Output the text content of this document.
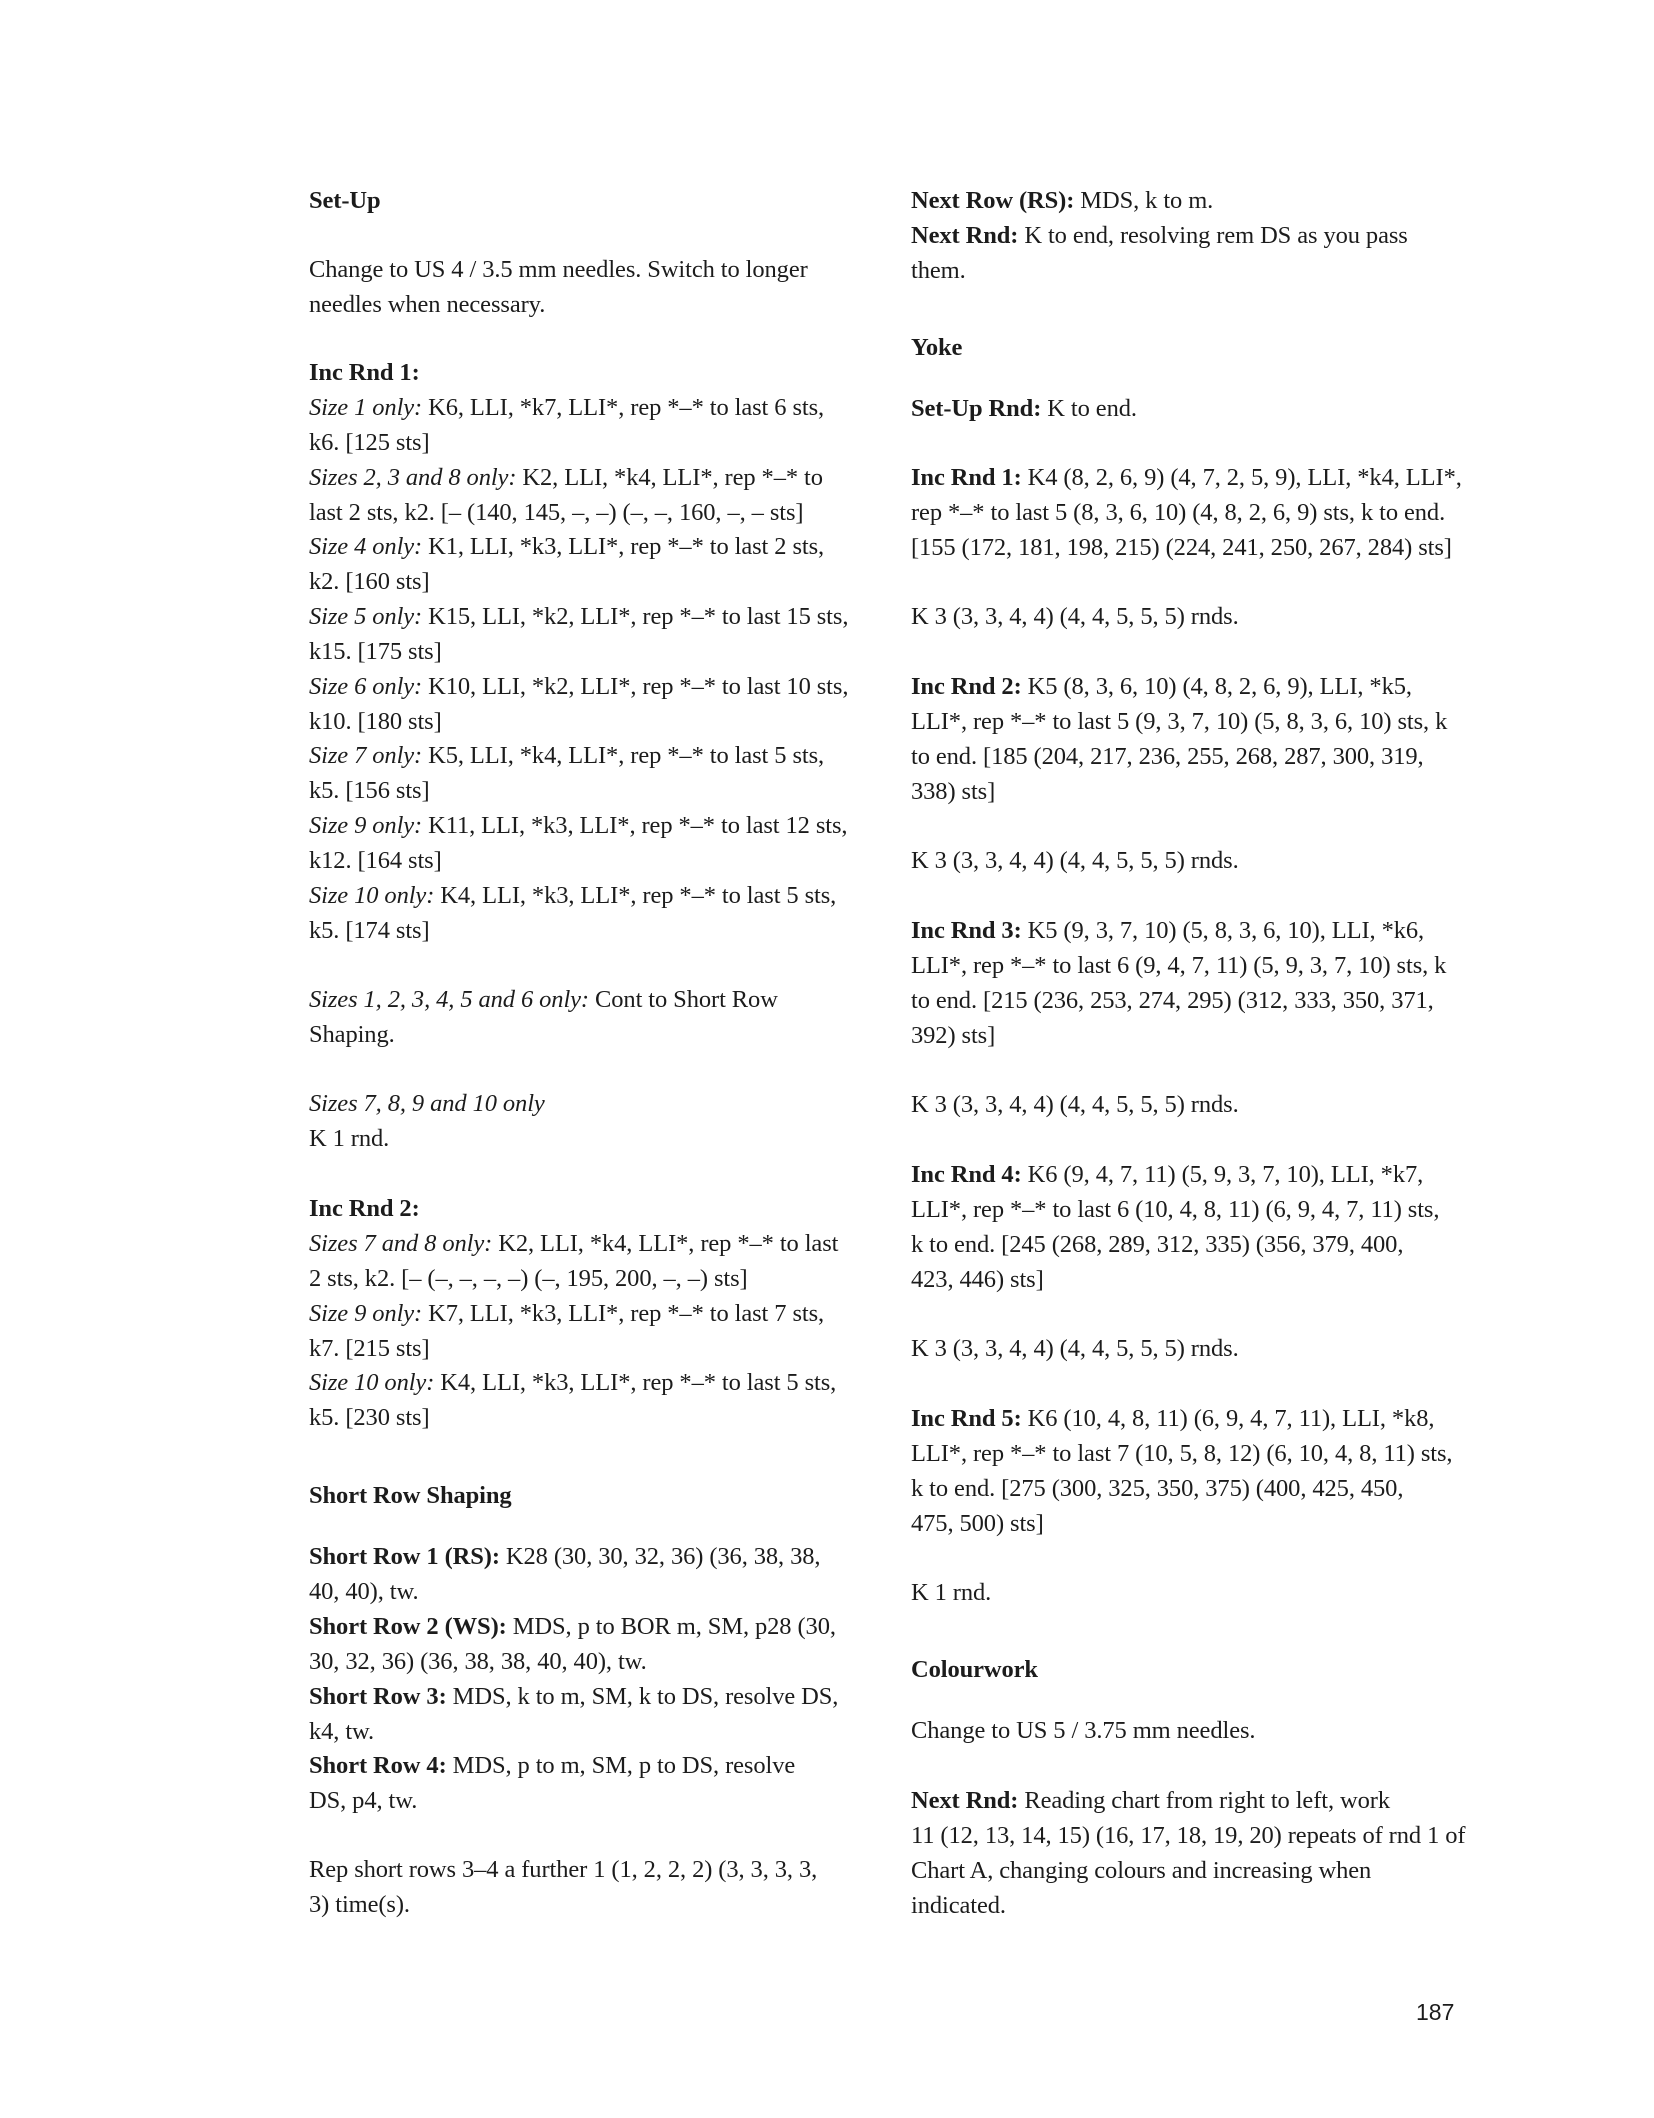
Set-Up
Change to US 4 / 3.5 mm needles. Switch to longer
needles when necessary.
Inc Rnd 1:
Size 1 only: K6, LLI, *k7, LLI*, rep *–* to last 6 sts,
k6. [125 sts]
Sizes 2, 3 and 8 only: K2, LLI, *k4, LLI*, rep *–* to
last 2 sts, k2. [– (140, 145, –, –) (–, –, 160, –, – sts]
Size 4 only: K1, LLI, *k3, LLI*, rep *–* to last 2 sts,
k2. [160 sts]
Size 5 only: K15, LLI, *k2, LLI*, rep *–* to last 15 sts,
k15. [175 sts]
Size 6 only: K10, LLI, *k2, LLI*, rep *–* to last 10 sts,
k10. [180 sts]
Size 7 only: K5, LLI, *k4, LLI*, rep *–* to last 5 sts,
k5. [156 sts]
Size 9 only: K11, LLI, *k3, LLI*, rep *–* to last 12 sts,
k12. [164 sts]
Size 10 only: K4, LLI, *k3, LLI*, rep *–* to last 5 sts,
k5. [174 sts]
Sizes 1, 2, 3, 4, 5 and 6 only: Cont to Short Row
Shaping.
Sizes 7, 8, 9 and 10 only
K 1 rnd.
Inc Rnd 2:
Sizes 7 and 8 only: K2, LLI, *k4, LLI*, rep *–* to last
2 sts, k2. [– (–, –, –, –) (–, 195, 200, –, –) sts]
Size 9 only: K7, LLI, *k3, LLI*, rep *–* to last 7 sts,
k7. [215 sts]
Size 10 only: K4, LLI, *k3, LLI*, rep *–* to last 5 sts,
k5. [230 sts]
Short Row Shaping
Short Row 1 (RS): K28 (30, 30, 32, 36) (36, 38, 38,
40, 40), tw.
Short Row 2 (WS): MDS, p to BOR m, SM, p28 (30,
30, 32, 36) (36, 38, 38, 40, 40), tw.
Short Row 3: MDS, k to m, SM, k to DS, resolve DS,
k4, tw.
Short Row 4: MDS, p to m, SM, p to DS, resolve
DS, p4, tw.
Rep short rows 3–4 a further 1 (1, 2, 2, 2) (3, 3, 3, 3,
3) time(s).
Next Row (RS): MDS, k to m.
Next Rnd: K to end, resolving rem DS as you pass
them.
Yoke
Set-Up Rnd: K to end.
Inc Rnd 1: K4 (8, 2, 6, 9) (4, 7, 2, 5, 9), LLI, *k4, LLI*,
rep *–* to last 5 (8, 3, 6, 10) (4, 8, 2, 6, 9) sts, k to end.
[155 (172, 181, 198, 215) (224, 241, 250, 267, 284) sts]
K 3 (3, 3, 4, 4) (4, 4, 5, 5, 5) rnds.
Inc Rnd 2: K5 (8, 3, 6, 10) (4, 8, 2, 6, 9), LLI, *k5,
LLI*, rep *–* to last 5 (9, 3, 7, 10) (5, 8, 3, 6, 10) sts, k
to end. [185 (204, 217, 236, 255, 268, 287, 300, 319,
338) sts]
K 3 (3, 3, 4, 4) (4, 4, 5, 5, 5) rnds.
Inc Rnd 3: K5 (9, 3, 7, 10) (5, 8, 3, 6, 10), LLI, *k6,
LLI*, rep *–* to last 6 (9, 4, 7, 11) (5, 9, 3, 7, 10) sts, k
to end. [215 (236, 253, 274, 295) (312, 333, 350, 371,
392) sts]
K 3 (3, 3, 4, 4) (4, 4, 5, 5, 5) rnds.
Inc Rnd 4: K6 (9, 4, 7, 11) (5, 9, 3, 7, 10), LLI, *k7,
LLI*, rep *–* to last 6 (10, 4, 8, 11) (6, 9, 4, 7, 11) sts,
k to end. [245 (268, 289, 312, 335) (356, 379, 400,
423, 446) sts]
K 3 (3, 3, 4, 4) (4, 4, 5, 5, 5) rnds.
Inc Rnd 5: K6 (10, 4, 8, 11) (6, 9, 4, 7, 11), LLI, *k8,
LLI*, rep *–* to last 7 (10, 5, 8, 12) (6, 10, 4, 8, 11) sts,
k to end. [275 (300, 325, 350, 375) (400, 425, 450,
475, 500) sts]
K 1 rnd.
Colourwork
Change to US 5 / 3.75 mm needles.
Next Rnd: Reading chart from right to left, work
11 (12, 13, 14, 15) (16, 17, 18, 19, 20) repeats of rnd 1 of
Chart A, changing colours and increasing when
indicated.
187
